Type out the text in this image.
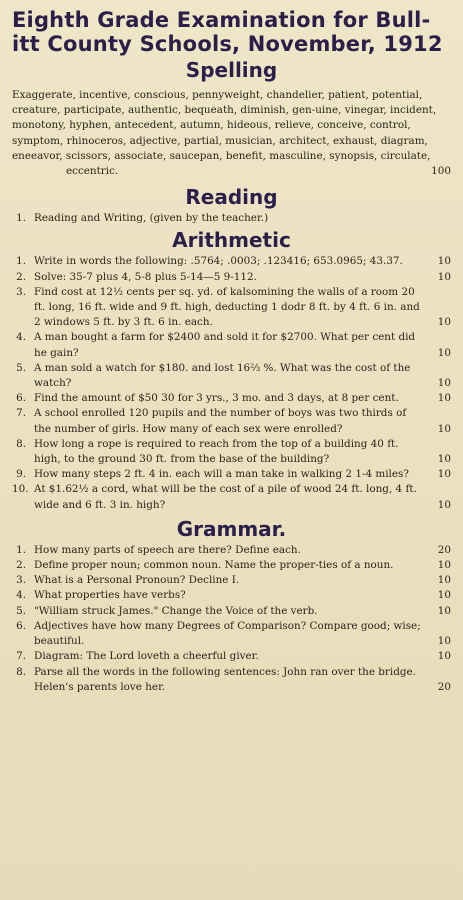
Eighth Grade Examination for Bull-
itt County Schools, November, 1912
Spelling

Exaggerate, incentive, conscious, pennyweight, chandelier, patient, potential, creature, participate, authentic, bequeath, diminish, gen-uine, vinegar, incident, monotony, hyphen, antecedent, autumn, hideous, relieve, conceive, control, symptom, rhinoceros, adjective, partial, musician, architect, exhaust, diagram, eneeavor, scissors, associate, saucepan, benefit, masculine, synopsis, circulate,

eccentric.	100
Reading
1. Reading and Writing, (given by the teacher.)
Arithmetic
1. Write in words the following: .5764; .0003; .123416; 653.0965; 43.37.	10
2. Solve: 35-7 plus 4, 5-8 plus 5-14—5 9-112.	10
3. Find cost at 12½ cents per sq. yd. of kalsomining the walls of a room 20 ft. long, 16 ft. wide and 9 ft. high, deducting 1 dodr 8 ft. by 4 ft. 6 in. and 2 windows 5 ft. by 3 ft. 6 in. each.	10
4. A man bought a farm for $2400 and sold it for $2700. What per cent did he gain?	10
5. A man sold a watch for $180. and lost 16⅔ %. What was the cost of the watch?	10
6. Find the amount of $50 30 for 3 yrs., 3 mo. and 3 days, at 8 per cent.	10
7. A school enrolled 120 pupils and the number of boys was two thirds of the number of girls. How many of each sex were enrolled?	10
8. How long a rope is required to reach from the top of a building 40 ft. high, to the ground 30 ft. from the base of the building?	10
9. How many steps 2 ft. 4 in. each will a man take in walking 2 1-4 miles?	10
10. At $1.62½ a cord, what will be the cost of a pile of wood 24 ft. long, 4 ft. wide and 6 ft. 3 in. high?	10
Grammar.
1. How many parts of speech are there? Define each.	20
2. Define proper noun; common noun. Name the proper-ties of a noun.	10
3. What is a Personal Pronoun? Decline I.	10
4. What properties have verbs?	10
5. "William struck James." Change the Voice of the verb.	10
6. Adjectives have how many Degrees of Comparison? Compare good; wise; beautiful.	10
7. Diagram: The Lord loveth a cheerful giver.	10
8. Parse all the words in the following sentences: John ran over the bridge. Helen's parents love her.	20
